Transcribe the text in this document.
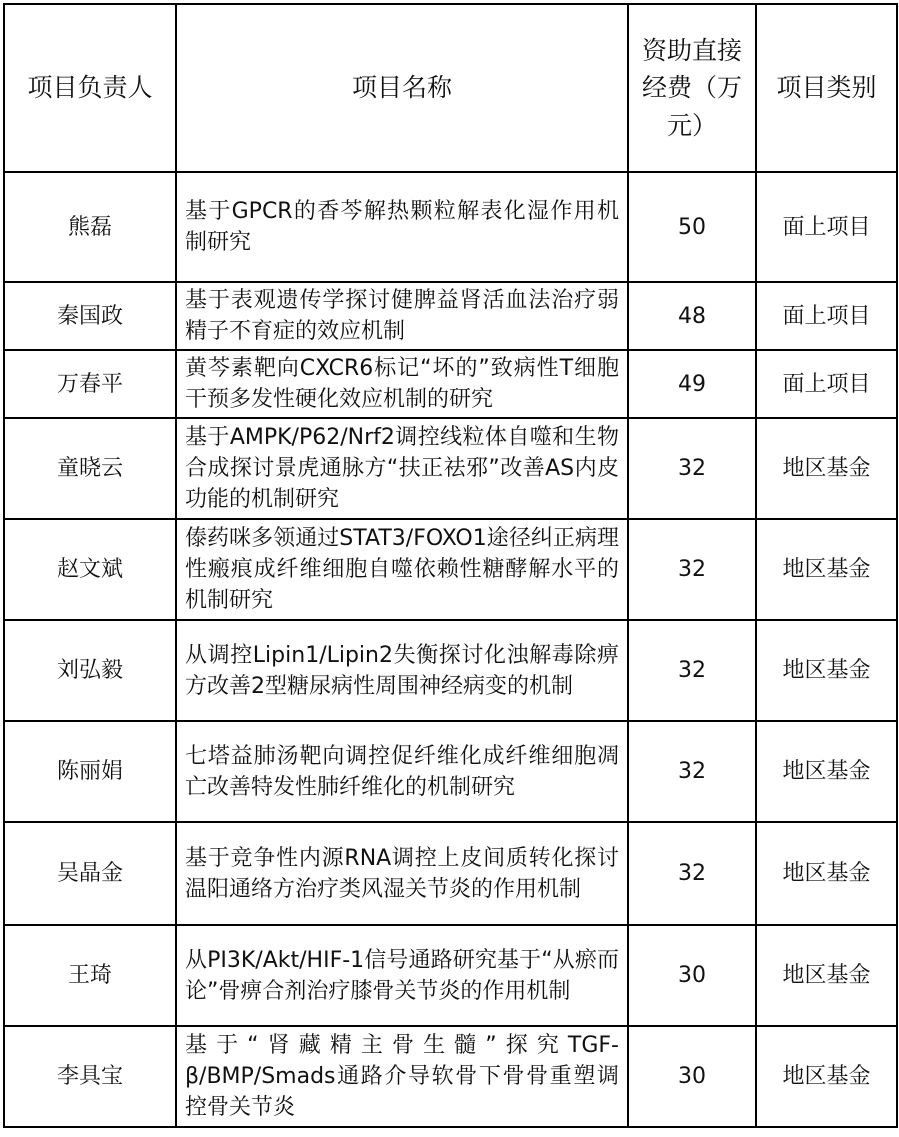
项目负责人	项目名称	资助直接经费（万元）	项目类别
熊磊	基于GPCR的香芩解热颗粒解表化湿作用机制研究	50	面上项目
秦国政	基于表观遗传学探讨健脾益肾活血法治疗弱精子不育症的效应机制	48	面上项目
万春平	黄芩素靶向CXCR6标记“坏的”致病性T细胞干预多发性硬化效应机制的研究	49	面上项目
童晓云	基于AMPK/P62/Nrf2调控线粒体自噬和生物合成探讨景虎通脉方“扶正祛邪”改善AS内皮功能的机制研究	32	地区基金
赵文斌	傣药咪多领通过STAT3/FOXO1途径纠正病理性瘢痕成纤维细胞自噬依赖性糖酵解水平的机制研究	32	地区基金
刘弘毅	从调控Lipin1/Lipin2失衡探讨化浊解毒除痹方改善2型糖尿病性周围神经病变的机制	32	地区基金
陈丽娟	七塔益肺汤靶向调控促纤维化成纤维细胞凋亡改善特发性肺纤维化的机制研究	32	地区基金
吴晶金	基于竞争性内源RNA调控上皮间质转化探讨温阳通络方治疗类风湿关节炎的作用机制	32	地区基金
王琦	从PI3K/Akt/HIF-1信号通路研究基于“从瘀而论”骨痹合剂治疗膝骨关节炎的作用机制	30	地区基金
李具宝	基于“肾藏精主骨生髓”探究TGF-β/BMP/Smads通路介导软骨下骨骨重塑调控骨关节炎	30	地区基金
